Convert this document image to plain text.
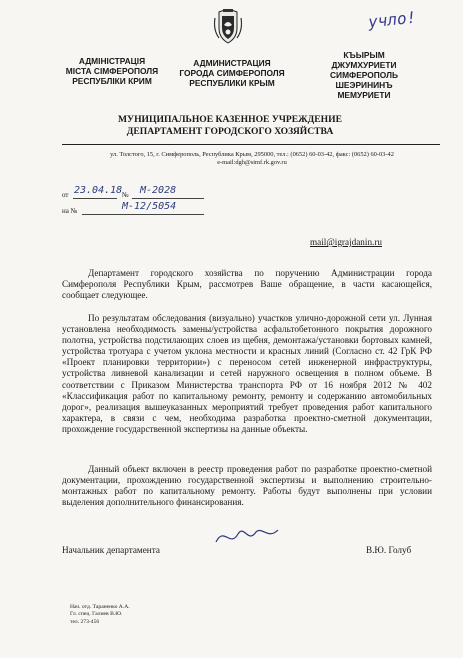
учло!
АДМІНІСТРАЦІЯ
МІСТА СІМФЕРОПОЛЯ
РЕСПУБЛІКИ КРИМ
АДМИНИСТРАЦИЯ
ГОРОДА СИМФЕРОПОЛЯ
РЕСПУБЛИКИ КРЫМ
КЪЫРЫМ
ДЖУМХУРИЕТИ
СИМФЕРОПОЛЬ
ШЕЭРИНИНЪ
МЕМУРИЕТИ
МУНИЦИПАЛЬНОЕ КАЗЕННОЕ УЧРЕЖДЕНИЕ
ДЕПАРТАМЕНТ ГОРОДСКОГО ХОЗЯЙСТВА
ул. Толстого, 15, г. Симферополь, Республика Крым, 295000, тел.: (0652) 60-03-42, факс: (0652) 60-03-42
e-mail:dgh@simf.rk.gov.ru
от 23.04.18 № М-2028
на №	М-12/5054
mail@igrajdanin.ru

Департамент городского хозяйства по поручению Администрации города Симферополя Республики Крым, рассмотрев Ваше обращение, в части касающейся, сообщает следующее.

По результатам обследования (визуально) участков улично-дорожной сети ул. Лунная установлена необходимость замены/устройства асфальтобетонного покрытия дорожного полотна, устройства подстилающих слоев из щебня, демонтажа/установки бортовых камней, устройства тротуара с учетом уклона местности и красных линий (Согласно ст. 42 ГрК РФ «Проект планировки территории») с переносом сетей инженерной инфраструктуры, устройства ливневой канализации и сетей наружного освещения в полном объеме. В соответствии с Приказом Министерства транспорта РФ от 16 ноября 2012 № 402 «Классификация работ по капитальному ремонту, ремонту и содержанию автомобильных дорог», реализация вышеуказанных мероприятий требует проведения работ капитального характера, в связи с чем, необходима разработка проектно-сметной документации, прохождение государственной экспертизы на данные объекты.

Данный объект включен в реестр проведения работ по разработке проектно-сметной документации, прохождению государственной экспертизы и выполнению строительно-монтажных работ по капитальному ремонту. Работы будут выполнены при условии выделения дополнительного финансирования.

Начальник департамента	В.Ю. Голуб
Нач. отд. Тараненко А.А.
Гл. спец. Галиев В.Ю.
тел. 273-456
